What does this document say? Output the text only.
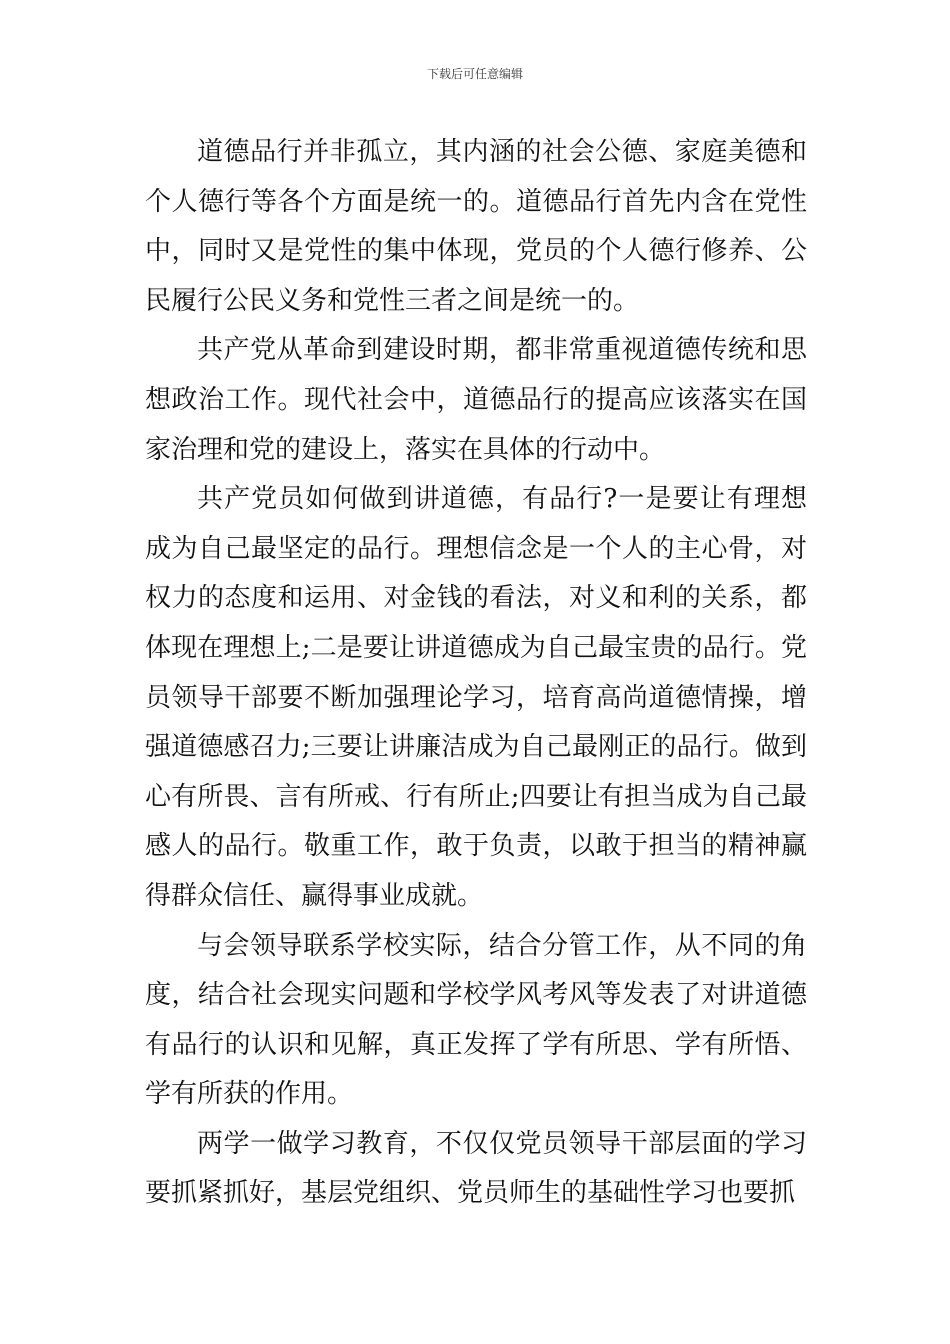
下载后可任意编辑

道德品行并非孤立，其内涵的社会公德、家庭美德和个人德行等各个方面是统一的。道德品行首先内含在党性中，同时又是党性的集中体现，党员的个人德行修养、公民履行公民义务和党性三者之间是统一的。

共产党从革命到建设时期，都非常重视道德传统和思想政治工作。现代社会中，道德品行的提高应该落实在国家治理和党的建设上，落实在具体的行动中。

共产党员如何做到讲道德，有品行?一是要让有理想成为自己最坚定的品行。理想信念是一个人的主心骨，对权力的态度和运用、对金钱的看法，对义和利的关系，都体现在理想上;二是要让讲道德成为自己最宝贵的品行。党员领导干部要不断加强理论学习，培育高尚道德情操，增强道德感召力;三要让讲廉洁成为自己最刚正的品行。做到心有所畏、言有所戒、行有所止;四要让有担当成为自己最感人的品行。敬重工作，敢于负责，以敢于担当的精神赢得群众信任、赢得事业成就。

与会领导联系学校实际，结合分管工作，从不同的角度，结合社会现实问题和学校学风考风等发表了对讲道德有品行的认识和见解，真正发挥了学有所思、学有所悟、学有所获的作用。

两学一做学习教育，不仅仅党员领导干部层面的学习要抓紧抓好，基层党组织、党员师生的基础性学习也要抓
